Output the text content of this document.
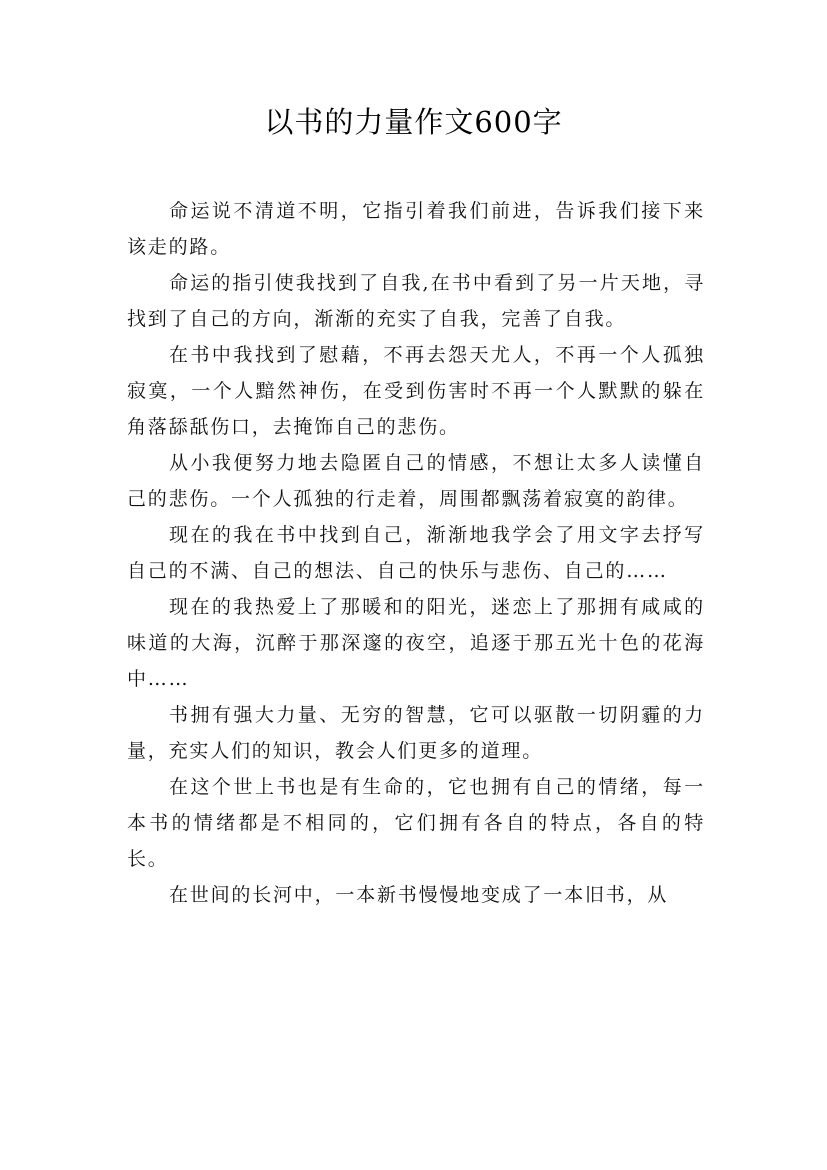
以书的力量作文600字

命运说不清道不明，它指引着我们前进，告诉我们接下来该走的路。

命运的指引使我找到了自我,在书中看到了另一片天地，寻找到了自己的方向，渐渐的充实了自我，完善了自我。

在书中我找到了慰藉，不再去怨天尤人，不再一个人孤独寂寞，一个人黯然神伤，在受到伤害时不再一个人默默的躲在角落舔舐伤口，去掩饰自己的悲伤。

从小我便努力地去隐匿自己的情感，不想让太多人读懂自己的悲伤。一个人孤独的行走着，周围都飘荡着寂寞的韵律。

现在的我在书中找到自己，渐渐地我学会了用文字去抒写自己的不满、自己的想法、自己的快乐与悲伤、自己的……

现在的我热爱上了那暖和的阳光，迷恋上了那拥有咸咸的味道的大海，沉醉于那深邃的夜空，追逐于那五光十色的花海中……

书拥有强大力量、无穷的智慧，它可以驱散一切阴霾的力量，充实人们的知识，教会人们更多的道理。

在这个世上书也是有生命的，它也拥有自己的情绪，每一本书的情绪都是不相同的，它们拥有各自的特点，各自的特长。

在世间的长河中，一本新书慢慢地变成了一本旧书，从
